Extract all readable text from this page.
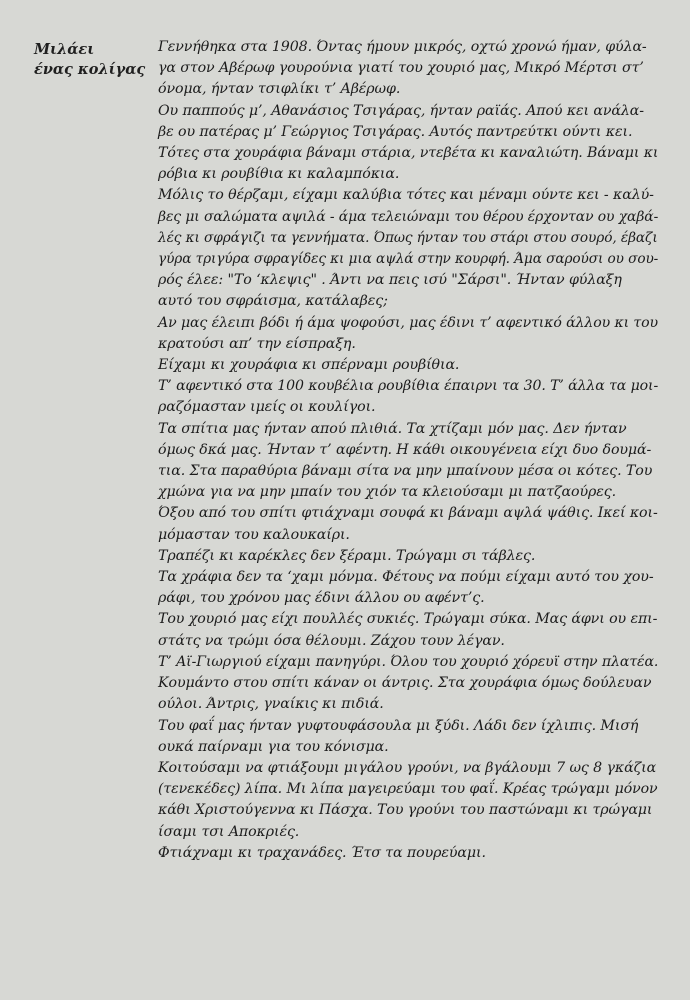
Μιλάει
ένας κολίγας
Γεννήθηκα στα 1908. Όντας ήμουν μικρός, οχτώ χρονώ ήμαν, φύλα-
γα στον Αβέρωφ γουρούνια γιατί του χουριό μας, Μικρό Μέρτσι στ’
όνομα, ήνταν τσιφλίκι τ’ Αβέρωφ.
Ου παππούς μ’, Αθανάσιος Τσιγάρας, ήνταν ραϊάς. Απού κει ανάλα-
βε ου πατέρας μ’ Γεώργιος Τσιγάρας. Αυτός παντρεύτκι ούντι κει.
Τότες στα χουράφια βάναμι στάρια, ντεβέτα κι καναλιώτη. Βάναμι κι
ρόβια κι ρουβίθια κι καλαμπόκια.
Μόλις το θέρζαμι, είχαμι καλύβια τότες και μέναμι ούντε κει - καλύ-
βες μι σαλώματα αψιλά - άμα τελειώναμι του θέρου έρχονταν ου χαβά-
λές κι σφράγιζι τα γεννήματα. Όπως ήνταν του στάρι στου σουρό, έβαζι
γύρα τριγύρα σφραγίδες κι μια αψλά στην κουρφή. Άμα σαρούσι ου σου-
ρός έλεε: "Το ‘κλεψις" . Άντι να πεις ισύ "Σάρσι". Ήνταν φύλαξη
αυτό του σφράισμα, κατάλαβες;
Αν μας έλειπι βόδι ή άμα ψοφούσι, μας έδινι τ’ αφεντικό άλλου κι του
κρατούσι απ’ την είσπραξη.
Είχαμι κι χουράφια κι σπέρναμι ρουβίθια.
Τ’ αφεντικό στα 100 κουβέλια ρουβίθια έπαιρνι τα 30. Τ’ άλλα τα μοι-
ραζόμασταν ιμείς οι κουλίγοι.
Τα σπίτια μας ήνταν απού πλιθιά. Τα χτίζαμι μόν μας. Δεν ήνταν
όμως δκά μας. Ήνταν τ’ αφέντη. Η κάθι οικουγένεια είχι δυο δουμά-
τια. Στα παραθύρια βάναμι σίτα να μην μπαίνουν μέσα οι κότες. Του
χμώνα για να μην μπαίν του χιόν τα κλειούσαμι μι πατζαούρες.
Όξου από του σπίτι φτιάχναμι σουφά κι βάναμι αψλά ψάθις. Ικεί κοι-
μόμασταν του καλουκαίρι.
Τραπέζι κι καρέκλες δεν ξέραμι. Τρώγαμι σι τάβλες.
Τα χράφια δεν τα ‘χαμι μόνμα. Φέτους να πούμι είχαμι αυτό του χου-
ράφι, του χρόνου μας έδινι άλλου ου αφέντ’ς.
Του χουριό μας είχι πουλλές συκιές. Τρώγαμι σύκα. Μας άφνι ου επι-
στάτς να τρώμι όσα θέλουμι. Ζάχου τουν λέγαν.
Τ’ Αϊ-Γιωργιού είχαμι πανηγύρι. Όλου του χουριό χόρευϊ στην πλατέα.
Κουμάντο στου σπίτι κάναν οι άντρις. Στα χουράφια όμως δούλευαν
ούλοι. Άντρις, γναίκις κι πιδιά.
Του φαΐ μας ήνταν γυφτουφάσουλα μι ξύδι. Λάδι δεν ίχλιπις. Μισή
ουκά παίρναμι για του κόνισμα.
Κοιτούσαμι να φτιάξουμι μιγάλου γρούνι, να βγάλουμι 7 ως 8 γκάζια
(τενεκέδες) λίπα. Μι λίπα μαγειρεύαμι του φαΐ. Κρέας τρώγαμι μόνον
κάθι Χριστούγεννα κι Πάσχα. Του γρούνι του παστώναμι κι τρώγαμι
ίσαμι τσι Αποκριές.
Φτιάχναμι κι τραχανάδες. Έτσ τα πουρεύαμι.
